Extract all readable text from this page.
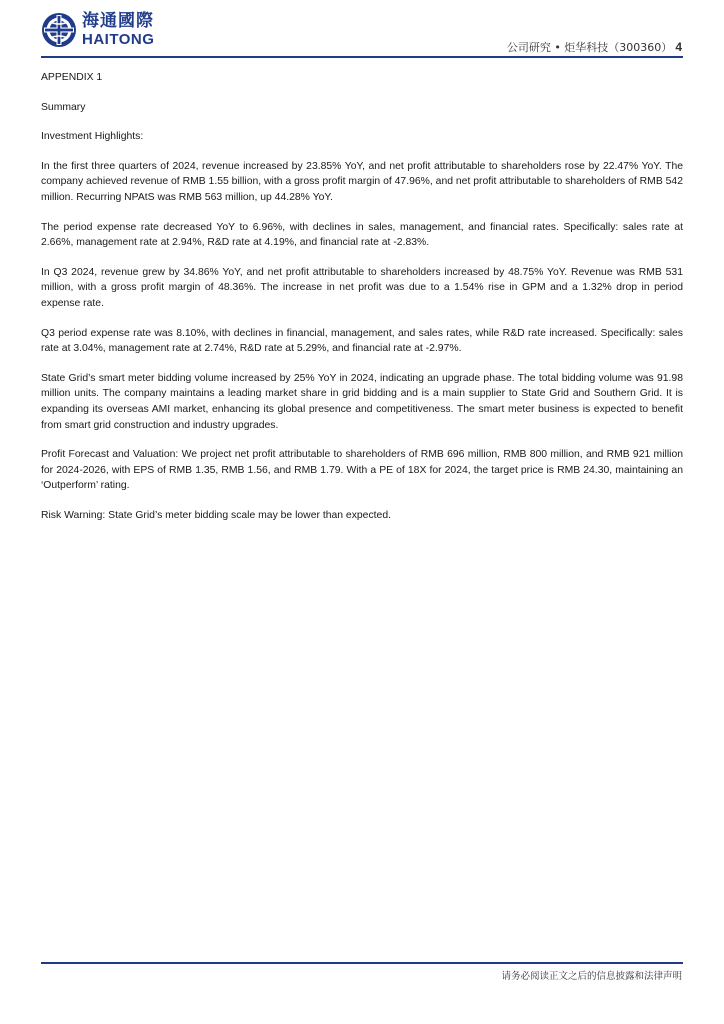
海通國際
HAITONG	公司研究 • 炬华科技（300360） 4

APPENDIX 1

Summary

Investment Highlights:

In the first three quarters of 2024, revenue increased by 23.85% YoY, and net profit attributable to shareholders rose by 22.47% YoY. The company achieved revenue of RMB 1.55 billion, with a gross profit margin of 47.96%, and net profit attributable to shareholders of RMB 542 million. Recurring NPAtS was RMB 563 million, up 44.28% YoY.

The period expense rate decreased YoY to 6.96%, with declines in sales, management, and financial rates. Specifically: sales rate at 2.66%, management rate at 2.94%, R&D rate at 4.19%, and financial rate at -2.83%.

In Q3 2024, revenue grew by 34.86% YoY, and net profit attributable to shareholders increased by 48.75% YoY. Revenue was RMB 531 million, with a gross profit margin of 48.36%. The increase in net profit was due to a 1.54% rise in GPM and a 1.32% drop in period expense rate.

Q3 period expense rate was 8.10%, with declines in financial, management, and sales rates, while R&D rate increased. Specifically: sales rate at 3.04%, management rate at 2.74%, R&D rate at 5.29%, and financial rate at -2.97%.

State Grid’s smart meter bidding volume increased by 25% YoY in 2024, indicating an upgrade phase. The total bidding volume was 91.98 million units. The company maintains a leading market share in grid bidding and is a main supplier to State Grid and Southern Grid. It is expanding its overseas AMI market, enhancing its global presence and competitiveness. The smart meter business is expected to benefit from smart grid construction and industry upgrades.

Profit Forecast and Valuation: We project net profit attributable to shareholders of RMB 696 million, RMB 800 million, and RMB 921 million for 2024-2026, with EPS of RMB 1.35, RMB 1.56, and RMB 1.79. With a PE of 18X for 2024, the target price is RMB 24.30, maintaining an ‘Outperform’ rating.

Risk Warning: State Grid’s meter bidding scale may be lower than expected.

请务必阅读正文之后的信息披露和法律声明
